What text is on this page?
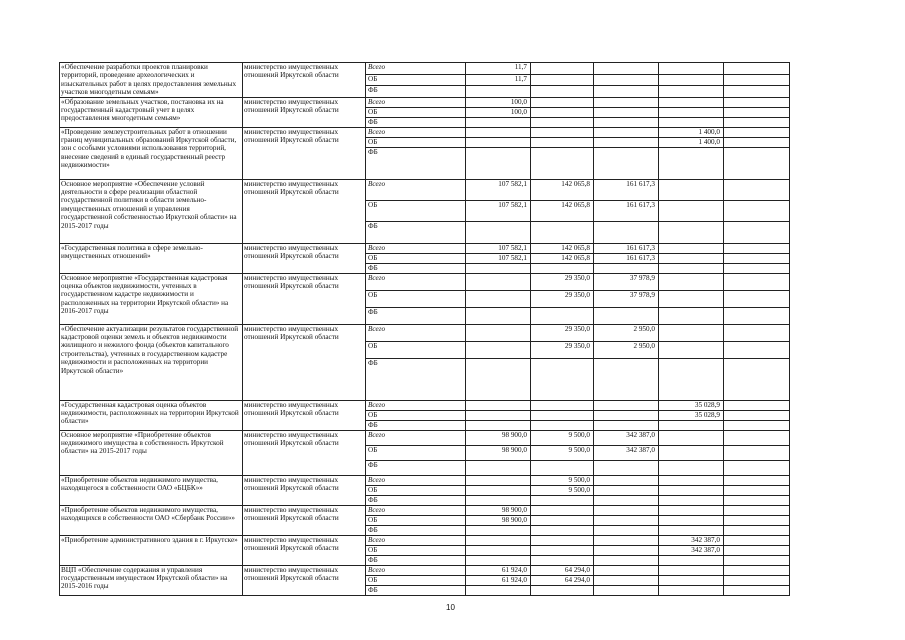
«Обеспечение разработки проектов планировки территорий, проведение археологических и изыскательных работ в целях предоставления земельных участков многодетным семьям»	министерство имущественных отношений Иркутской области	Всего	11,7				
		ОБ	11,7				
		ФБ					
«Образование земельных участков, постановка их на государственный кадастровый учет в целях предоставления многодетным семьям»	министерство имущественных отношений Иркутской области	Всего	100,0				
		ОБ	100,0				
		ФБ					
«Проведение землеустроительных работ в отношении границ муниципальных образований Иркутской области, зон с особыми условиями использования территорий, внесение сведений в единый государственный реестр недвижимости»	министерство имущественных отношений Иркутской области	Всего				1 400,0	
		ОБ				1 400,0	
		ФБ					
Основное мероприятие «Обеспечение условий деятельности в сфере реализации областной государственной политики в области земельно-имущественных отношений и управления государственной собственностью Иркутской области» на 2015-2017 годы	министерство имущественных отношений Иркутской области	Всего	107 582,1	142 065,8	161 617,3		
		ОБ	107 582,1	142 065,8	161 617,3		
		ФБ					
«Государственная политика в сфере земельно-имущественных отношений»	министерство имущественных отношений Иркутской области	Всего	107 582,1	142 065,8	161 617,3		
		ОБ	107 582,1	142 065,8	161 617,3		
		ФБ					
Основное мероприятие «Государственная кадастровая оценка объектов недвижимости, учтенных в государственном кадастре недвижимости и расположенных на территории Иркутской области» на 2016-2017 годы	министерство имущественных отношений Иркутской области	Всего		29 350,0	37 978,9		
		ОБ		29 350,0	37 978,9		
		ФБ					
«Обеспечение актуализации результатов государственной кадастровой оценки земель и объектов недвижимости жилищного и нежилого фонда (объектов капитального строительства), учтенных в государственном кадастре недвижимости и расположенных на территории Иркутской области»	министерство имущественных отношений Иркутской области	Всего		29 350,0	2 950,0		
		ОБ		29 350,0	2 950,0		
		ФБ					
«Государственная кадастровая оценка объектов недвижимости, расположенных на территории Иркутской области»	министерство имущественных отношений Иркутской области	Всего				35 028,9	
		ОБ				35 028,9	
		ФБ					
Основное мероприятие «Приобретение объектов недвижимого имущества в собственность Иркутской области» на 2015-2017 годы	министерство имущественных отношений Иркутской области	Всего	98 900,0	9 500,0	342 387,0		
		ОБ	98 900,0	9 500,0	342 387,0		
		ФБ					
«Приобретение объектов недвижимого имущества, находящегося в собственности ОАО «БЦБК»»	министерство имущественных отношений Иркутской области	Всего		9 500,0			
		ОБ		9 500,0			
		ФБ					
«Приобретение объектов недвижимого имущества, находящихся в собственности ОАО «Сбербанк России»»	министерство имущественных отношений Иркутской области	Всего	98 900,0				
		ОБ	98 900,0				
		ФБ					
«Приобретение административного здания в г. Иркутске»	министерство имущественных отношений Иркутской области	Всего				342 387,0	
		ОБ				342 387,0	
		ФБ					
ВЦП «Обеспечение содержания и управления государственным имуществом Иркутской области» на 2015-2016 годы	министерство имущественных отношений Иркутской области	Всего	61 924,0	64 294,0			
		ОБ	61 924,0	64 294,0			
		ФБ					
10
